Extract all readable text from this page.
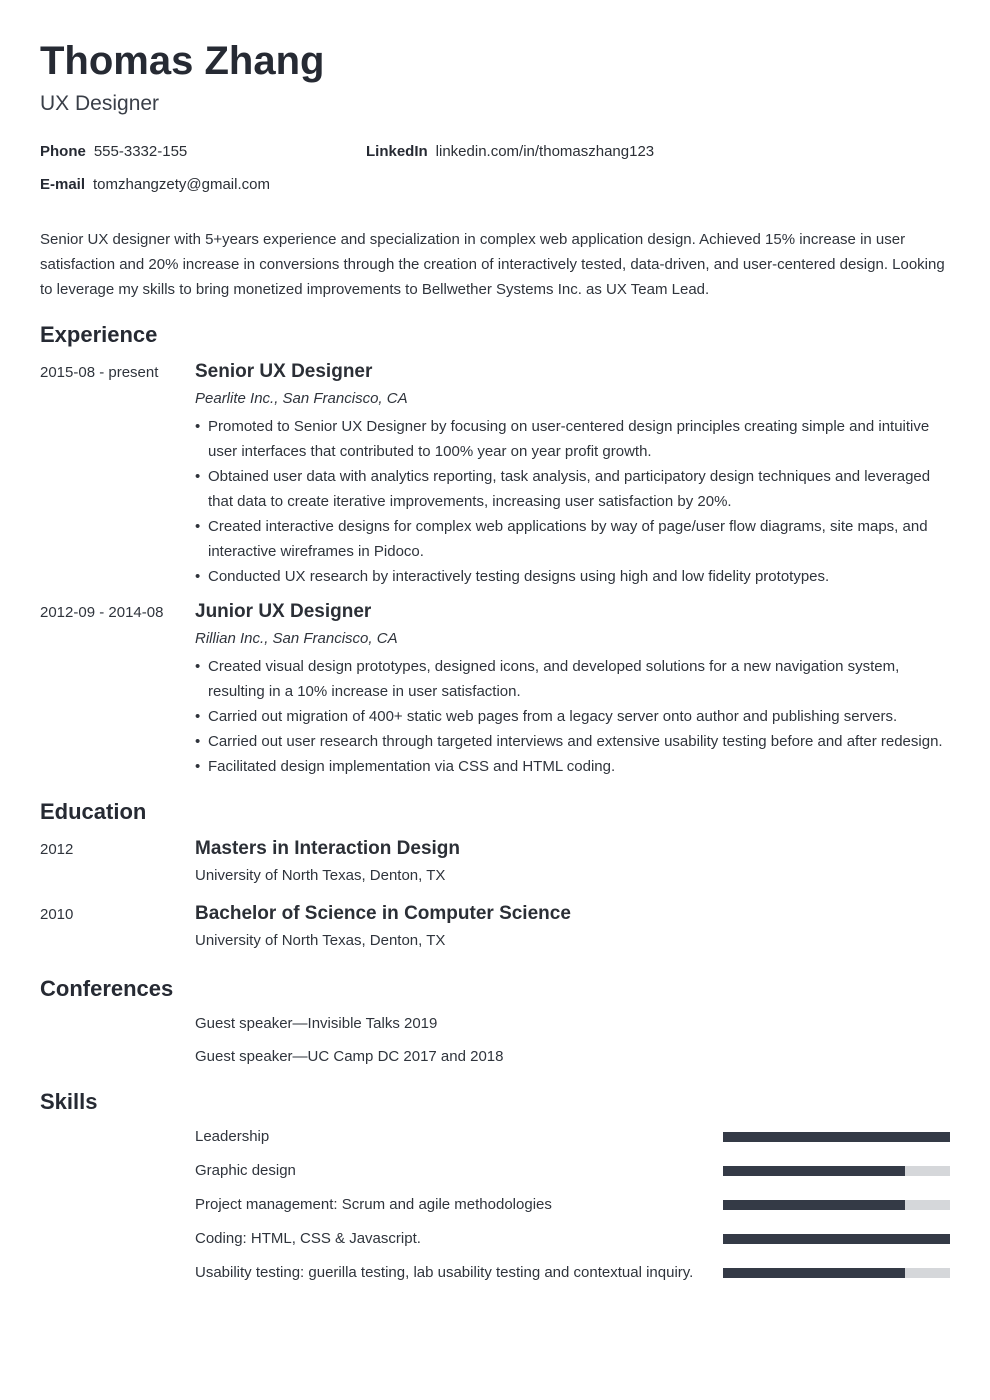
Thomas Zhang
UX Designer
Phone 555-3332-155	LinkedIn linkedin.com/in/thomaszhang123
E-mail tomzhangzety@gmail.com
Senior UX designer with 5+years experience and specialization in complex web application design. Achieved 15% increase in user satisfaction and 20% increase in conversions through the creation of interactively tested, data-driven, and user-centered design. Looking to leverage my skills to bring monetized improvements to Bellwether Systems Inc. as UX Team Lead.
Experience
2015-08 - present Senior UX Designer
Pearlite Inc., San Francisco, CA
• Promoted to Senior UX Designer by focusing on user-centered design principles creating simple and intuitive user interfaces that contributed to 100% year on year profit growth.
• Obtained user data with analytics reporting, task analysis, and participatory design techniques and leveraged that data to create iterative improvements, increasing user satisfaction by 20%.
• Created interactive designs for complex web applications by way of page/user flow diagrams, site maps, and interactive wireframes in Pidoco.
• Conducted UX research by interactively testing designs using high and low fidelity prototypes.
2012-09 - 2014-08 Junior UX Designer
Rillian Inc., San Francisco, CA
• Created visual design prototypes, designed icons, and developed solutions for a new navigation system, resulting in a 10% increase in user satisfaction.
• Carried out migration of 400+ static web pages from a legacy server onto author and publishing servers.
• Carried out user research through targeted interviews and extensive usability testing before and after redesign.
• Facilitated design implementation via CSS and HTML coding.
Education
2012	Masters in Interaction Design
University of North Texas, Denton, TX
2010	Bachelor of Science in Computer Science
University of North Texas, Denton, TX
Conferences
Guest speaker—Invisible Talks 2019
Guest speaker—UC Camp DC 2017 and 2018
Skills
Leadership
Graphic design
Project management: Scrum and agile methodologies
Coding: HTML, CSS & Javascript.
Usability testing: guerilla testing, lab usability testing and contextual inquiry.
